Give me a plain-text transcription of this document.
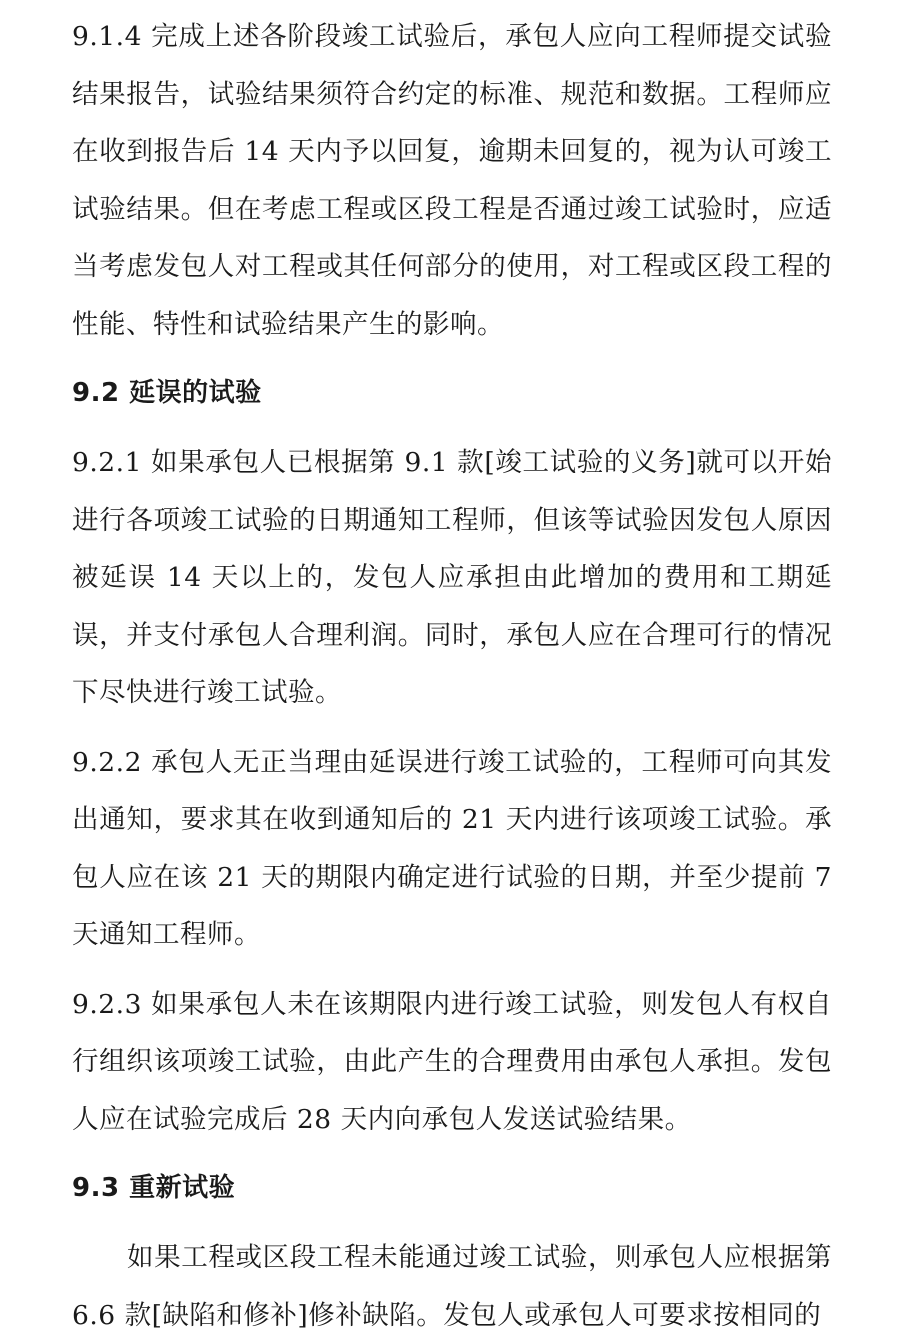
9.1.4 完成上述各阶段竣工试验后，承包人应向工程师提交试验结果报告，试验结果须符合约定的标准、规范和数据。工程师应在收到报告后 14 天内予以回复，逾期未回复的，视为认可竣工试验结果。但在考虑工程或区段工程是否通过竣工试验时，应适当考虑发包人对工程或其任何部分的使用，对工程或区段工程的性能、特性和试验结果产生的影响。

9.2 延误的试验

9.2.1 如果承包人已根据第 9.1 款[竣工试验的义务]就可以开始进行各项竣工试验的日期通知工程师，但该等试验因发包人原因被延误 14 天以上的，发包人应承担由此增加的费用和工期延误，并支付承包人合理利润。同时，承包人应在合理可行的情况下尽快进行竣工试验。

9.2.2 承包人无正当理由延误进行竣工试验的，工程师可向其发出通知，要求其在收到通知后的 21 天内进行该项竣工试验。承包人应在该 21 天的期限内确定进行试验的日期，并至少提前 7 天通知工程师。

9.2.3 如果承包人未在该期限内进行竣工试验，则发包人有权自行组织该项竣工试验，由此产生的合理费用由承包人承担。发包人应在试验完成后 28 天内向承包人发送试验结果。

9.3 重新试验

如果工程或区段工程未能通过竣工试验，则承包人应根据第 6.6 款[缺陷和修补]修补缺陷。发包人或承包人可要求按相同的
